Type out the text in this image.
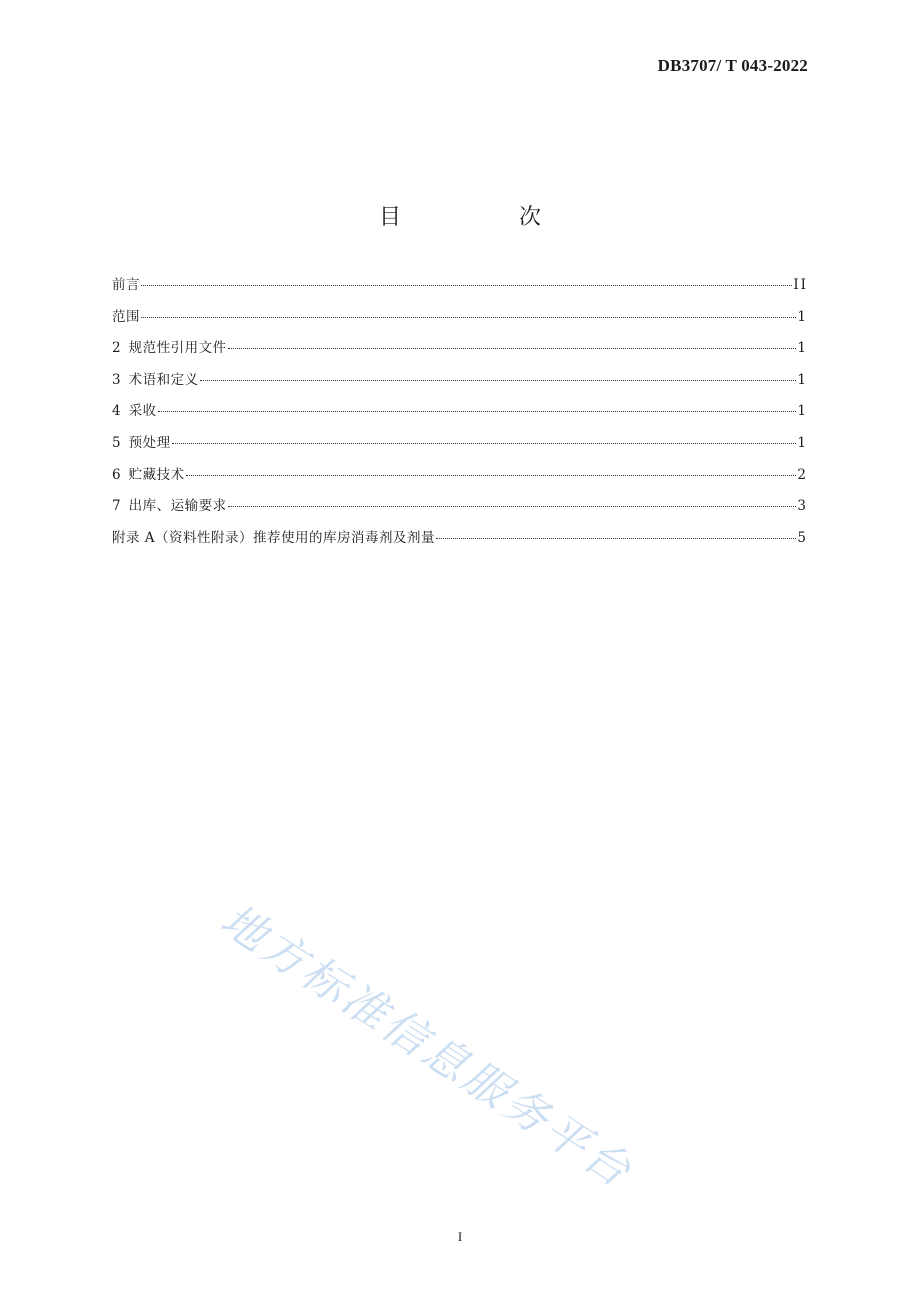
DB3707/ T 043-2022
目　次
前言	II
范围	1
2 规范性引用文件	1
3 术语和定义	1
4 采收	1
5 预处理	1
6 贮藏技术	2
7 出库、运输要求	3
附录 A（资料性附录）推荐使用的库房消毒剂及剂量	5
地方标准信息服务平台
I
